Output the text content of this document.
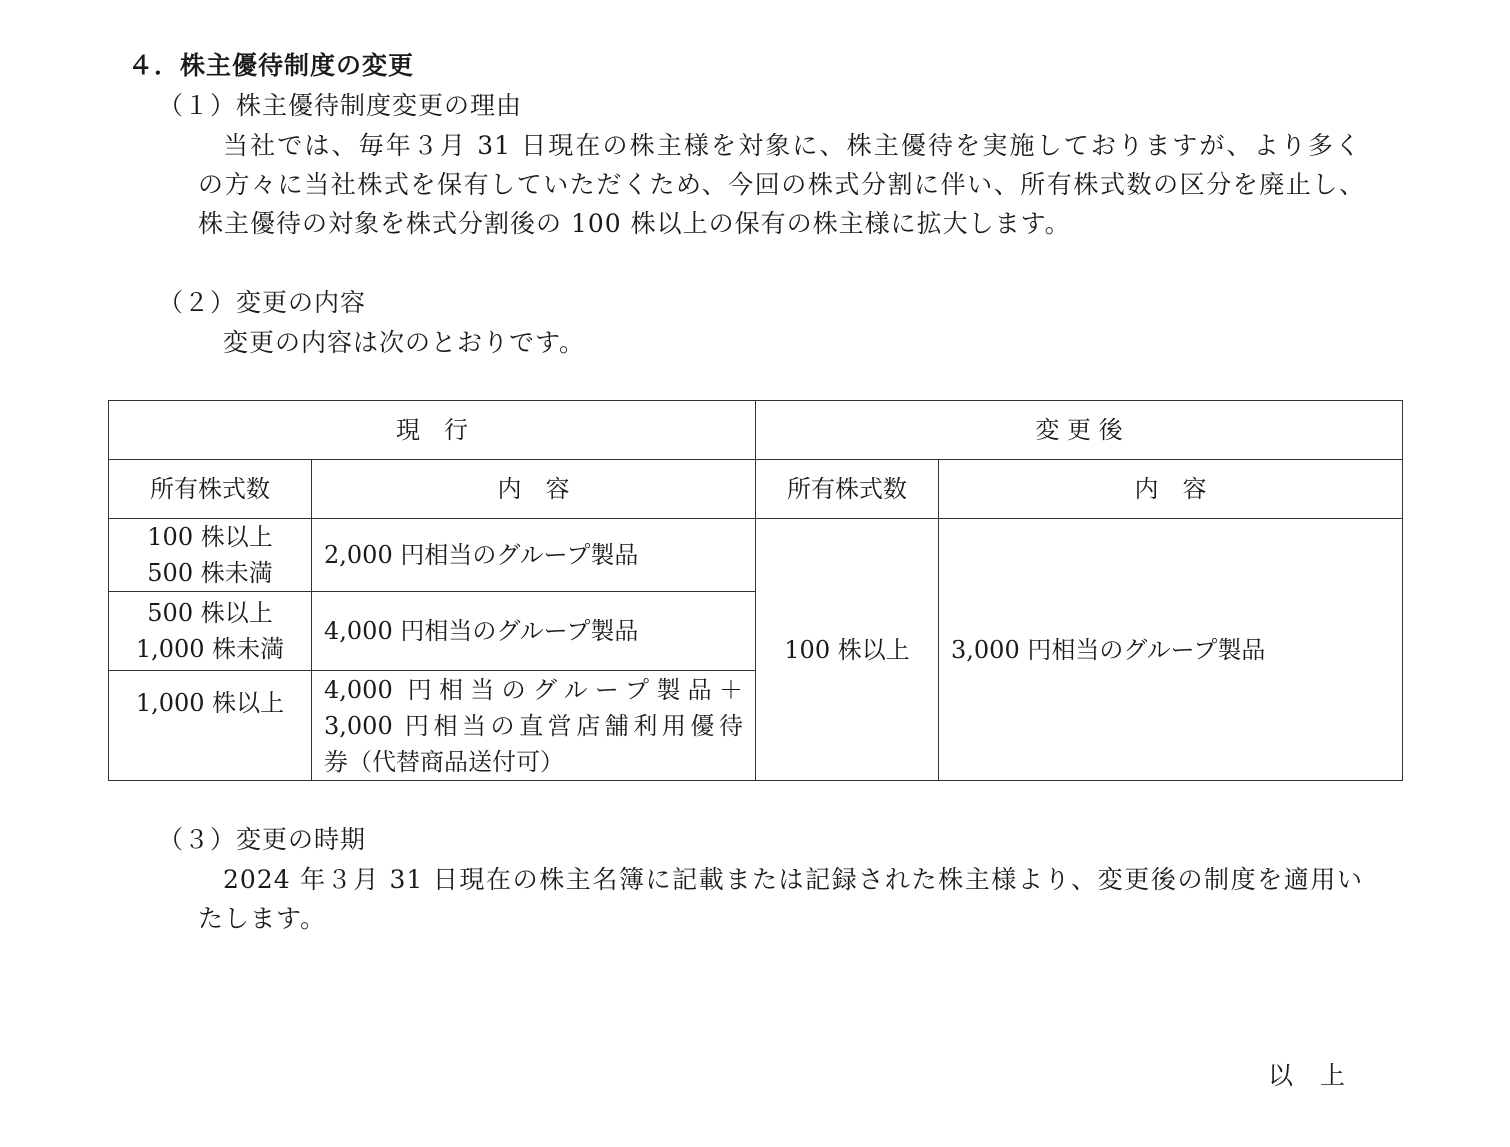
４．株主優待制度の変更
（１）株主優待制度変更の理由
当社では、毎年３月 31 日現在の株主様を対象に、株主優待を実施しておりますが、より多く
の方々に当社株式を保有していただくため、今回の株式分割に伴い、所有株式数の区分を廃止し、
株主優待の対象を株式分割後の 100 株以上の保有の株主様に拡大します。
（２）変更の内容
変更の内容は次のとおりです。
現　行		変 更 後	
所有株式数	内　容	所有株式数	内　容

100 株以上
500 株未満	2,000 円相当のグループ製品	100 株以上	3,000 円相当のグループ製品

500 株以上
1,000 株未満	4,000 円相当のグループ製品		
1,000 株以上	4,000 円相当のグループ製品＋
3,000 円相当の直営店舗利用優待
券（代替商品送付可）		
（３）変更の時期
2024 年３月 31 日現在の株主名簿に記載または記録された株主様より、変更後の制度を適用い
たします。
以　上
